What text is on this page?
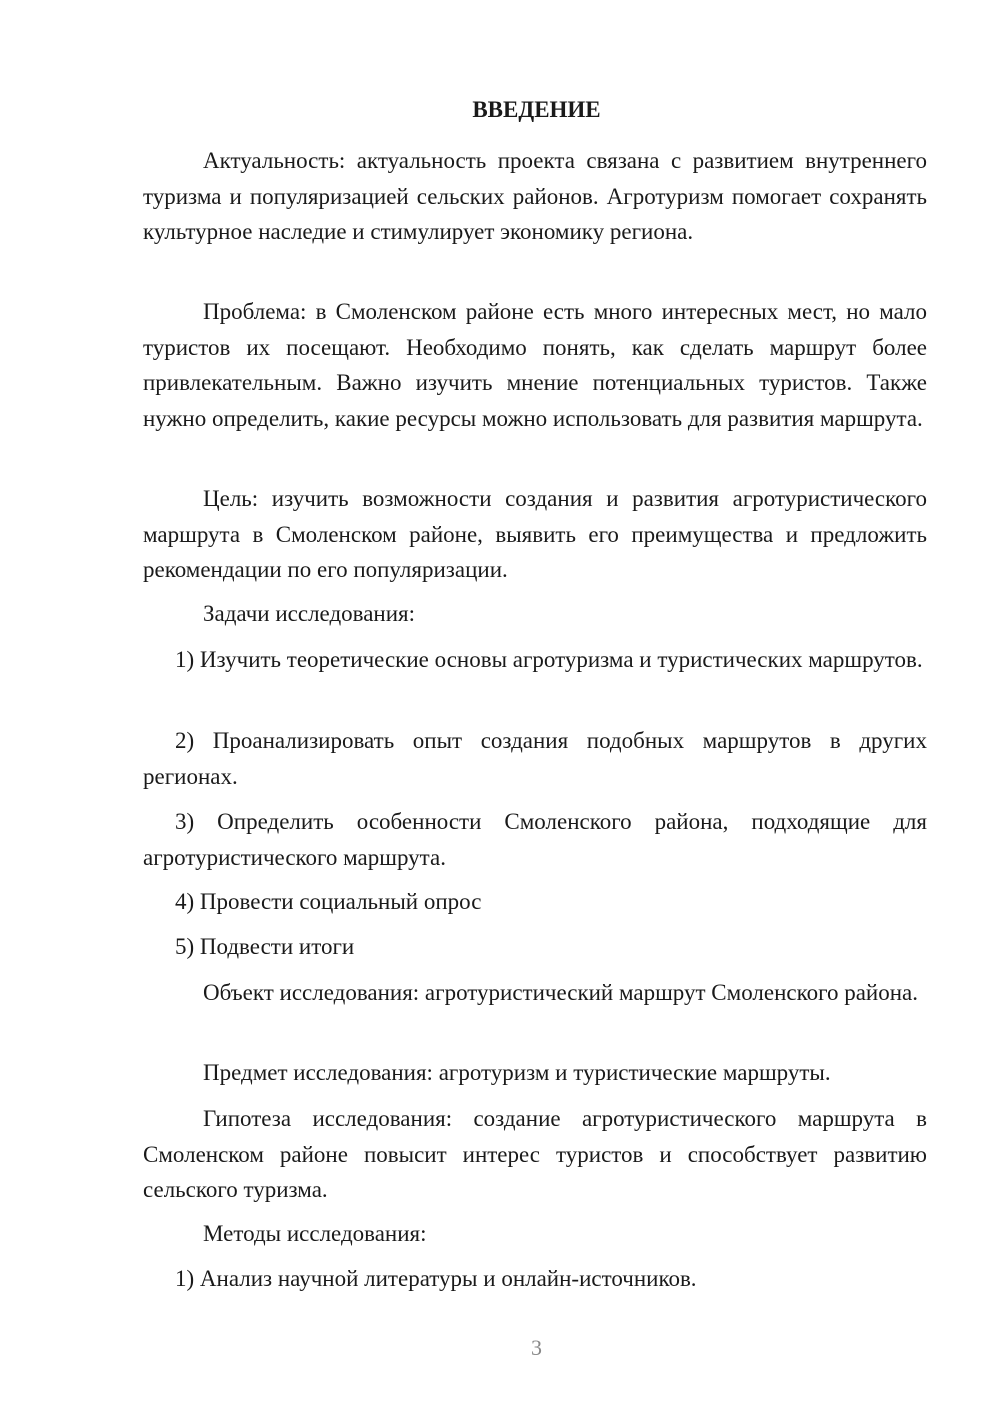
ВВЕДЕНИЕ

Актуальность: актуальность проекта связана с развитием внутреннего туризма и популяризацией сельских районов. Агротуризм помогает сохранять культурное наследие и стимулирует экономику региона.

Проблема: в Смоленском районе есть много интересных мест, но мало туристов их посещают. Необходимо понять, как сделать маршрут более привлекательным. Важно изучить мнение потенциальных туристов. Также нужно определить, какие ресурсы можно использовать для развития маршрута.

Цель: изучить возможности создания и развития агротуристического маршрута в Смоленском районе, выявить его преимущества и предложить рекомендации по его популяризации.

Задачи исследования:

1) Изучить теоретические основы агротуризма и туристических маршрутов.

2) Проанализировать опыт создания подобных маршрутов в других регионах.

3) Определить особенности Смоленского района, подходящие для агротуристического маршрута.

4) Провести социальный опрос

5) Подвести итоги

Объект исследования: агротуристический маршрут Смоленского района.

Предмет исследования: агротуризм и туристические маршруты.

Гипотеза исследования: создание агротуристического маршрута в Смоленском районе повысит интерес туристов и способствует развитию сельского туризма.

Методы исследования:

1) Анализ научной литературы и онлайн-источников.

3
